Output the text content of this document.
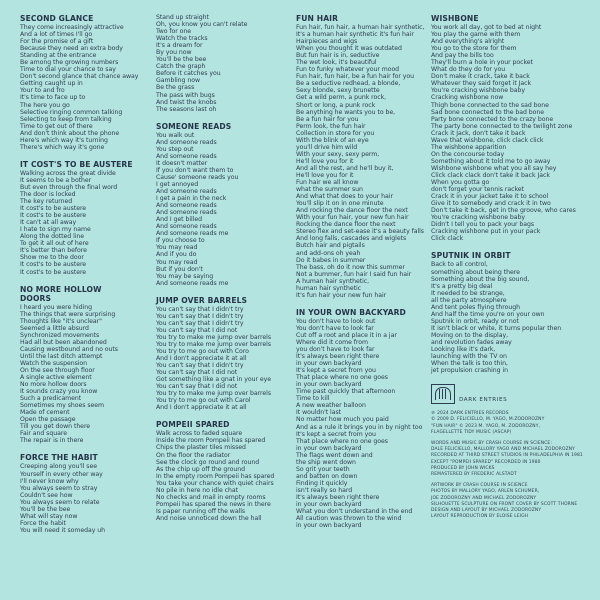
SECOND GLANCE
They come increasingly attractive
And a lot of times I'll go
For the promise of a gift
Because they need an extra body
Standing at the entrance
Be among the growing numbers
Time to dial your chance to say
Don't second glance that chance away
Getting caught up in
Your to and fro
It's time to face up to
The here you go
Selective ringing common talking
Selecting to keep from talking
Time to get out of there
And don't think about the phone
Here's which way it's turning
There's which way it's gone
IT COST'S TO BE AUSTERE
Walking across the great divide
It seems to be a bother
But even through the final word
The door is locked
The key returned
It cost's to be austere
It cost's to be austere
It can't at all away
I hate to sign my name
Along the dotted line
To get it all out of here
It's better than before
Show me to the door
It cost's to be austere
It cost's to be austere
NO MORE HOLLOW DOORS
I heard you were hiding
The things that were surprising
Thoughts like "it's unclear"
Seemed a little absurd
Synchronized movements
Had all but been abandoned
Causing westbound and no outs
Until the last ditch attempt
Watch the suspension
On the see through floor
A single active element
No more hollow doors
It sounds crazy you know
Such a predicament
Sometimes my shoes seem
Made of cement
Open the passage
Till you get down there
Fair and square
The repair is in there
FORCE THE HABIT
Creeping along you'll see
Yourself in every other way
I'll never know why
You always seem to stray
Couldn't see how
You always seem to relate
You'll be the bee
What will stay now
Force the habit
You will need it someday uh
Stand up straight
Oh, you know you can't relate
Two for one
Watch the tracks
It's a dream for
By you now
You'll be the bee
Catch the graph
Before it catches you
Gambling now
Be the grass
The pass with bugs
And twist the knobs
The seasons last oh
SOMEONE READS
You walk out
And someone reads
You step out
And someone reads
It doesn't matter
If you don't want them to
Cause' someone reads you
I get annoyed
And someone reads
I get a pain in the neck
And someone reads
And someone reads
And I get billed
And someone reads
And someone reads me
If you choose to
You may read
And if you do
You may read
But if you don't
You may be saying
And someone reads me
JUMP OVER BARRELS
You can't say that I didn't try
You can't say that I didn't try
You can't say that I didn't try
You can't say that I did not
You try to make me jump over barrels
You try to make me jump over barrels
You try to me go out with Coro
And I don't appreciate it at all
You can't say that I didn't try
You can't say that I did not
Got something like a gnat in your eye
You can't say that I did not
You try to make me jump over barrels
You try to me go out with Carol
And I don't appreciate it at all
POMPEII SPARED
Walk across to faded square
Inside the room Pompeii has spared
Chips the plaster tiles missed
On the floor the radiator
See the clock go round and round
As the chip up off the ground
In the empty room Pompeii has spared
You take your chance with quiet chairs
No pile in here no idle chat
No checks and mail in empty rooms
Pompeii has spared the news in there
Is paper running off the walls
And noise unnoticed down the hall
FUN HAIR
Fun hair, fun hair, a human hair synthetic,
It's a human hair synthetic it's fun hair
Hairpieces and wigs
When you thought it was outdated
But fun hair is in, seductive
The wet look, it's beautiful
Fun to funky whatever your mood
Fun hair, fun hair, be a fun hair for you
Be a seductive redhead, a blonde,
Sexy blonde, sexy brunette
Get a wild perm, a punk rock,
Short or long, a punk rock
Be anything he wants you to be,
Be a fun hair for you
Perm look, the fun hair
Collection in store for you
With the blink of an eye
you'll drive him wild
With your sexy, sexy perm,
He'll love you for it
And all the rest, and he'll buy it,
He'll love you for it
Fun hair we all know
what the summer sun
And what that does to your hair
You'll slip it on in one minute
And rocking the dance floor the next
With your fun hair, your new fun hair
Rocking the dance floor the next
Stereo flex and set-ease it's a beauty falls
And long falls, cascades and wiglets
Butch hair and pigtails
and add-ons oh yeah
Do it babes in summer
The bass, oh do it now this summer
Not a bummer, fun hair I said fun hair
A human hair synthetic,
human hair synthetic
It's fun hair your new fun hair
IN YOUR OWN BACKYARD
You don't have to look out
You don't have to look far
Cut off a root and place it in a jar
Where did it come from
you don't have to look far
It's always been right there
in your own backyard
It's kept a secret from you
That place where no one goes
in your own backyard
Time past quickly that afternoon
Time to kill
A new weather balloon
It wouldn't last
No matter how much you paid
And as a rule it brings you in by night too
It's kept a secret from you
That place where no one goes
in your own backyard
The flags went down and
the ship went down
So grit your teeth
and batten on down
Finding it quickly
isn't really so hard
It's always been right there
in your own backyard
What you don't understand in the end
All caution was thrown to the wind
in your own backyard
WISHBONE
You work all day, got to bed at night
You play the game with them
And everything's alright
You go to the store for them
And pay the bills too
They'll burn a hole in your pocket
What do they do for you
Don't make it crack, take it back
Whatever they said forget it Jack
You're cracking wishbone baby
Cracking wishbone now
Thigh bone connected to the sad bone
Sad bone connected to the bad bone
Party bone connected to the crazy bone
The party bone connected to the twilight zone
Crack it Jack, don't take it back
Wave that wishbone, click clack click
The wishbone apparition
On the concourse today
Something about it told me to go away
Wishbone wishbone what you all say hey
Click clack clack don't take it back Jack
When you gotta go
don't forget your tennis racket
Crack it in your jacket take it to school
Give it to somebody and crack it in two
Don't take it back, get in the groove, who cares
You're cracking wishbone baby
Didn't I tell you to pack your bags
Cracking wishbone put in your pack
Click clack
SPUTNIK IN ORBIT
Back to all control,
something about being there
Something about the big sound,
It's a pretty big deal
It needed to be strange,
all the party atmosphere
And tent poles flying through
And half the time you're on your own
Sputnik in orbit, ready or not
It isn't black or white, it turns popular then
Moving on to the display,
and revolution fades away
Looking like it's dark,
launching with the TV on
When the talk is too thin,
jet propulsion crashing in
DARK ENTRIES
℗ 2024 DARK ENTRIES RECORDS
© 2009 D. FELICIELLO, M. YAGO, M.ZODOROZNY
"FUN HAIR" © 2023 M. YAGO, M. ZODOROZNY,
FLAGELLETTE TIDY MUSIC (ASCAP)
WORDS AND MUSIC BY CRASH COURSE IN SCIENCE:
DALE FELICIELLO, MALLORY YAGO AND MICHAEL ZODOROZNY
RECORDED AT THIRD STREET STUDIOS IN PHILADELPHIA IN 1981
EXCEPT "POMPEII SPARED" RECORDED IN 1980
PRODUCED BY JOHN WICKS
REMASTERED BY FREDERIC ALSTADT
ARTWORK BY CRASH COURSE IN SCIENCE
PHOTOS BY MALLORY YAGO, ARLEN SCHUMER,
JOE ZODOROZNY AND MICHAEL ZODOROZNY
SILHOUETTE SCULPTURE ON FRONT COVER BY SCOTT THORNE
DESIGN AND LAYOUT BY MICHAEL ZODOROZNY
LAYOUT REPRODUCTION BY ELOISE LEIGH
